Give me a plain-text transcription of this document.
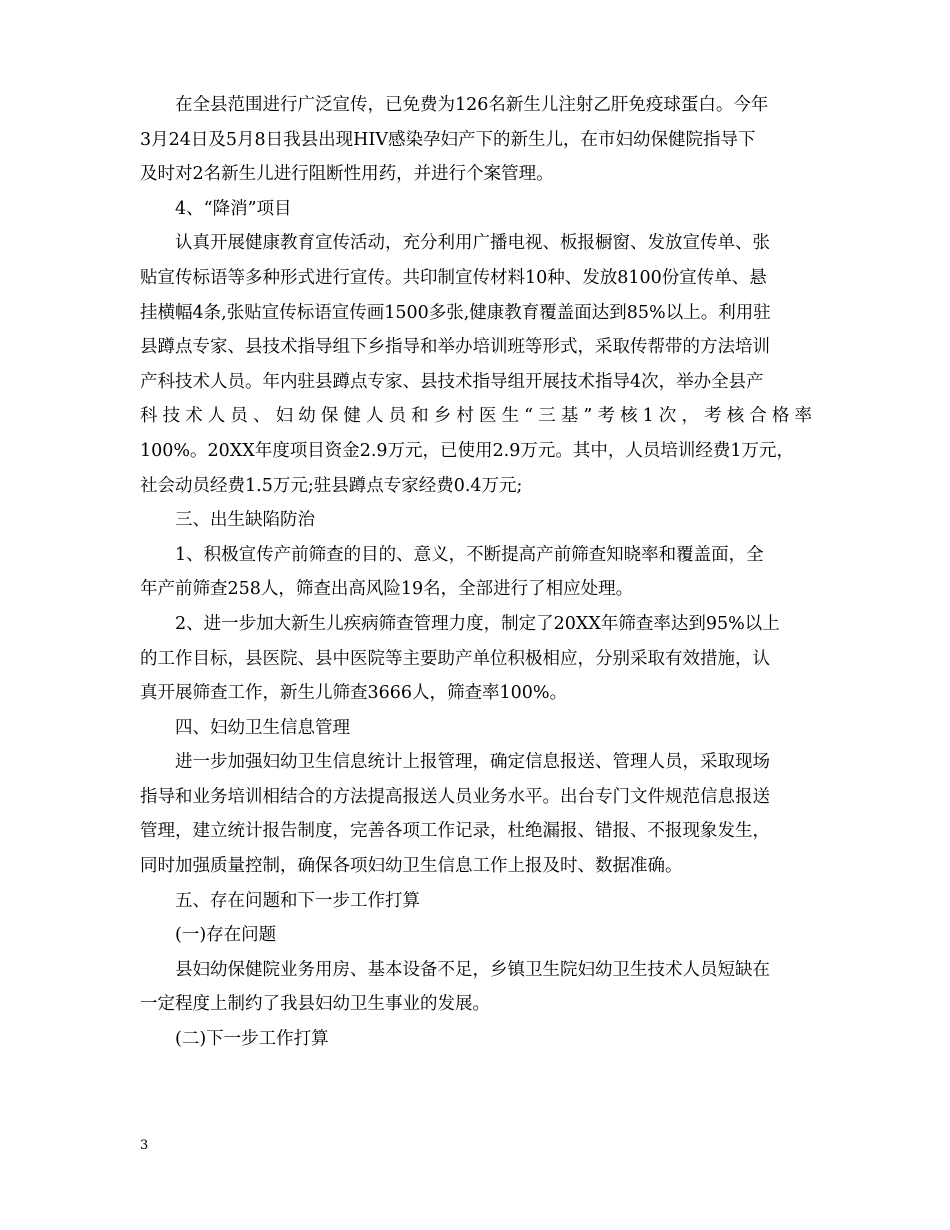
在全县范围进行广泛宣传，已免费为126名新生儿注射乙肝免疫球蛋白。今年
3月24日及5月8日我县出现HIV感染孕妇产下的新生儿，在市妇幼保健院指导下
及时对2名新生儿进行阻断性用药，并进行个案管理。
4、“降消”项目
认真开展健康教育宣传活动，充分利用广播电视、板报橱窗、发放宣传单、张
贴宣传标语等多种形式进行宣传。共印制宣传材料10种、发放8100份宣传单、悬
挂横幅4条,张贴宣传标语宣传画1500多张,健康教育覆盖面达到85%以上。利用驻
县蹲点专家、县技术指导组下乡指导和举办培训班等形式，采取传帮带的方法培训
产科技术人员。年内驻县蹲点专家、县技术指导组开展技术指导4次，举办全县产
科技术人员、妇幼保健人员和乡村医生“三基”考核1次，考核合格率
100%。20XX年度项目资金2.9万元，已使用2.9万元。其中，人员培训经费1万元，
社会动员经费1.5万元;驻县蹲点专家经费0.4万元;
三、出生缺陷防治
1、积极宣传产前筛查的目的、意义，不断提高产前筛查知晓率和覆盖面，全
年产前筛查258人，筛查出高风险19名，全部进行了相应处理。
2、进一步加大新生儿疾病筛查管理力度，制定了20XX年筛查率达到95%以上
的工作目标，县医院、县中医院等主要助产单位积极相应，分别采取有效措施，认
真开展筛查工作，新生儿筛查3666人，筛查率100%。
四、妇幼卫生信息管理
进一步加强妇幼卫生信息统计上报管理，确定信息报送、管理人员，采取现场
指导和业务培训相结合的方法提高报送人员业务水平。出台专门文件规范信息报送
管理，建立统计报告制度，完善各项工作记录，杜绝漏报、错报、不报现象发生，
同时加强质量控制，确保各项妇幼卫生信息工作上报及时、数据准确。
五、存在问题和下一步工作打算
(一)存在问题
县妇幼保健院业务用房、基本设备不足，乡镇卫生院妇幼卫生技术人员短缺在
一定程度上制约了我县妇幼卫生事业的发展。
(二)下一步工作打算
3
